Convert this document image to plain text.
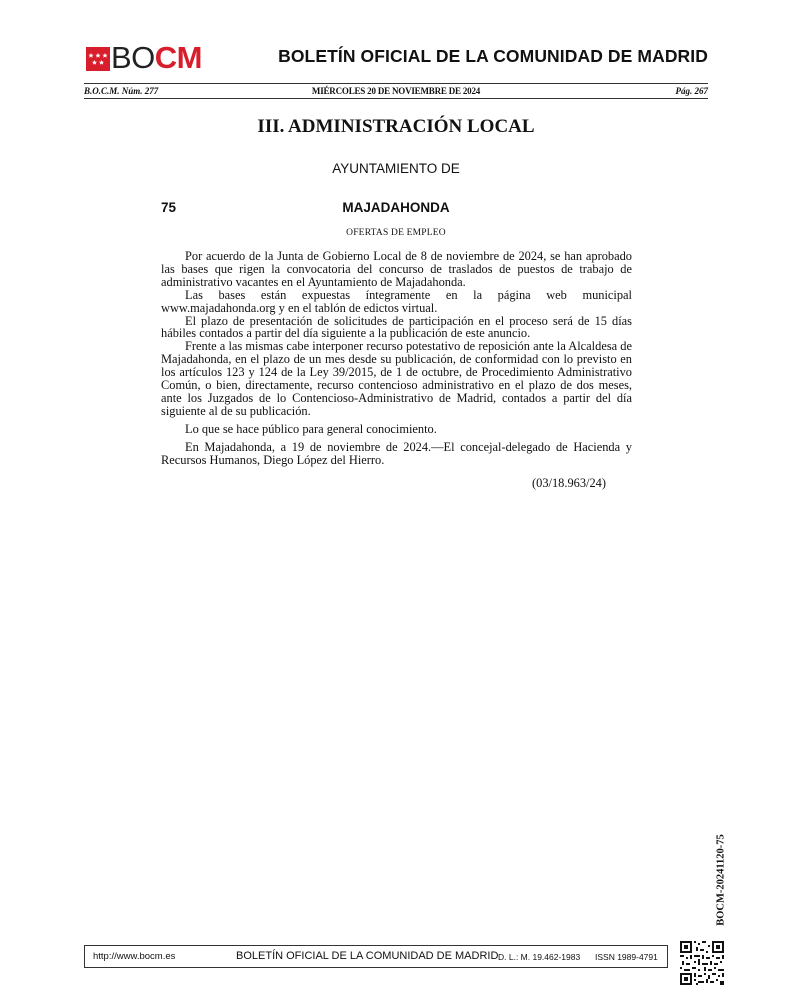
BO CM	BOLETÍN OFICIAL DE LA COMUNIDAD DE MADRID
B.O.C.M. Núm. 277	MIÉRCOLES 20 DE NOVIEMBRE DE 2024	Pág. 267
III. ADMINISTRACIÓN LOCAL
AYUNTAMIENTO DE
75	MAJADAHONDA
OFERTAS DE EMPLEO

Por acuerdo de la Junta de Gobierno Local de 8 de noviembre de 2024, se han aprobado las bases que rigen la convocatoria del concurso de traslados de puestos de trabajo de administrativo vacantes en el Ayuntamiento de Majadahonda.

Las bases están expuestas íntegramente en la página web municipal www.majadahonda.org y en el tablón de edictos virtual.

El plazo de presentación de solicitudes de participación en el proceso será de 15 días hábiles contados a partir del día siguiente a la publicación de este anuncio.

Frente a las mismas cabe interponer recurso potestativo de reposición ante la Alcaldesa de Majadahonda, en el plazo de un mes desde su publicación, de conformidad con lo previsto en los artículos 123 y 124 de la Ley 39/2015, de 1 de octubre, de Procedimiento Administrativo Común, o bien, directamente, recurso contencioso administrativo en el plazo de dos meses, ante los Juzgados de lo Contencioso-Administrativo de Madrid, contados a partir del día siguiente al de su publicación.

Lo que se hace público para general conocimiento.

En Majadahonda, a 19 de noviembre de 2024.—El concejal-delegado de Hacienda y Recursos Humanos, Diego López del Hierro.

(03/18.963/24)
BOCM-20241120-75
http://www.bocm.es	BOLETÍN OFICIAL DE LA COMUNIDAD DE MADRID D. L.: M. 19.462-1983 ISSN 1989-4791
